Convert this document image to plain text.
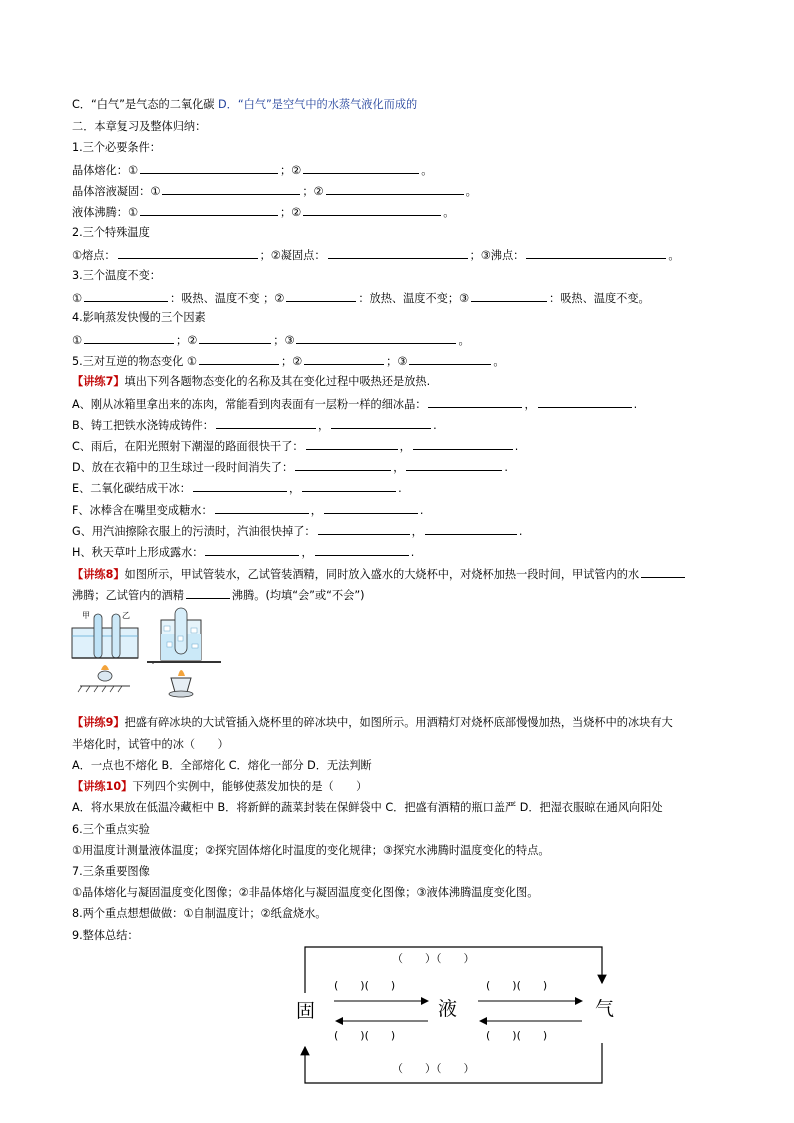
C．“白气”是气态的二氧化碳 D．“白气”是空气中的水蒸气液化而成的
二．本章复习及整体归纳：
1.三个必要条件：
晶体熔化：①	；②	。
晶体溶液凝固：①	；②	。
液体沸腾：①	；②	。
2.三个特殊温度
①熔点：	；②凝固点：	；③沸点：	。
3.三个温度不变：
①	：吸热、温度不变 ；②	：放热、温度不变；③	：吸热、温度不变。
4.影响蒸发快慢的三个因素
①	；②	；③	。
5.三对互逆的物态变化 ①	；②	；③	。
【讲练7】填出下列各题物态变化的名称及其在变化过程中吸热还是放热.
A、刚从冰箱里拿出来的冻肉，常能看到肉表面有一层粉一样的细冰晶：	，	.
B、铸工把铁水浇铸成铸件：	，	.
C、雨后，在阳光照射下潮湿的路面很快干了：	，	.
D、放在衣箱中的卫生球过一段时间消失了：	，	.
E、二氧化碳结成干冰：	，	.
F、冰棒含在嘴里变成糖水：	，	.
G、用汽油擦除衣服上的污渍时，汽油很快掉了：	，	.
H、秋天草叶上形成露水：	，	.
【讲练8】如图所示，甲试管装水，乙试管装酒精，同时放入盛水的大烧杯中，对烧杯加热一段时间，甲试管内的水
沸腾；乙试管内的酒精	沸腾。(均填“会”或“不会”)
甲	乙
【讲练9】把盛有碎冰块的大试管插入烧杯里的碎冰块中，如图所示。用酒精灯对烧杯底部慢慢加热，当烧杯中的冰块有大
半熔化时，试管中的冰（　　）
A．一点也不熔化 B．全部熔化 C．熔化一部分 D．无法判断
【讲练10】下列四个实例中，能够使蒸发加快的是（　　）
A．将水果放在低温冷藏柜中 B．将新鲜的蔬菜封装在保鲜袋中 C．把盛有酒精的瓶口盖严 D．把湿衣服晾在通风向阳处
6.三个重点实验
①用温度计测量液体温度；②探究固体熔化时温度的变化规律；③探究水沸腾时温度变化的特点。
7.三条重要图像
①晶体熔化与凝固温度变化图像；②非晶体熔化与凝固温度变化图像；③液体沸腾温度变化图。
8.两个重点想想做做：①自制温度计；②纸盒烧水。
9.整体总结：
固	液	气
（　　）（　　）
(　　)(　　)	(　　)(　　)
(　　)(　　)	(　　)(　　)
（　　）（　　）
